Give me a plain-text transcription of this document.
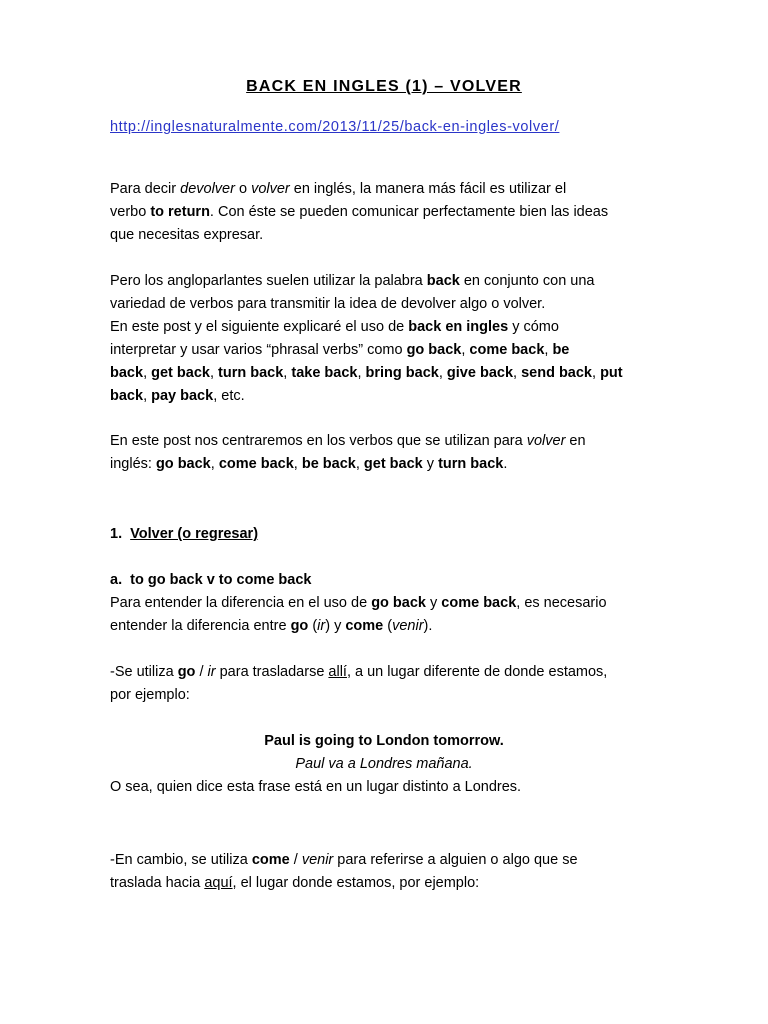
BACK EN INGLES (1) – VOLVER
http://inglesnaturalmente.com/2013/11/25/back-en-ingles-volver/

Para decir devolver o volver en inglés, la manera más fácil es utilizar el

verbo to return. Con éste se pueden comunicar perfectamente bien las ideas

que necesitas expresar.

Pero los angloparlantes suelen utilizar la palabra back en conjunto con una

variedad de verbos para transmitir la idea de devolver algo o volver.

En este post y el siguiente explicaré el uso de back en ingles y cómo

interpretar y usar varios “phrasal verbs” como go back, come back, be

back, get back, turn back, take back, bring back, give back, send back, put

back, pay back, etc.

En este post nos centraremos en los verbos que se utilizan para volver en

inglés: go back, come back, be back, get back y turn back.

1. Volver (o regresar)

a. to go back v to come back

Para entender la diferencia en el uso de go back y come back, es necesario

entender la diferencia entre go (ir) y come (venir).

-Se utiliza go / ir para trasladarse allí, a un lugar diferente de donde estamos,

por ejemplo:

Paul is going to London tomorrow.

Paul va a Londres mañana.

O sea, quien dice esta frase está en un lugar distinto a Londres.

-En cambio, se utiliza come / venir para referirse a alguien o algo que se

traslada hacia aquí, el lugar donde estamos, por ejemplo:
